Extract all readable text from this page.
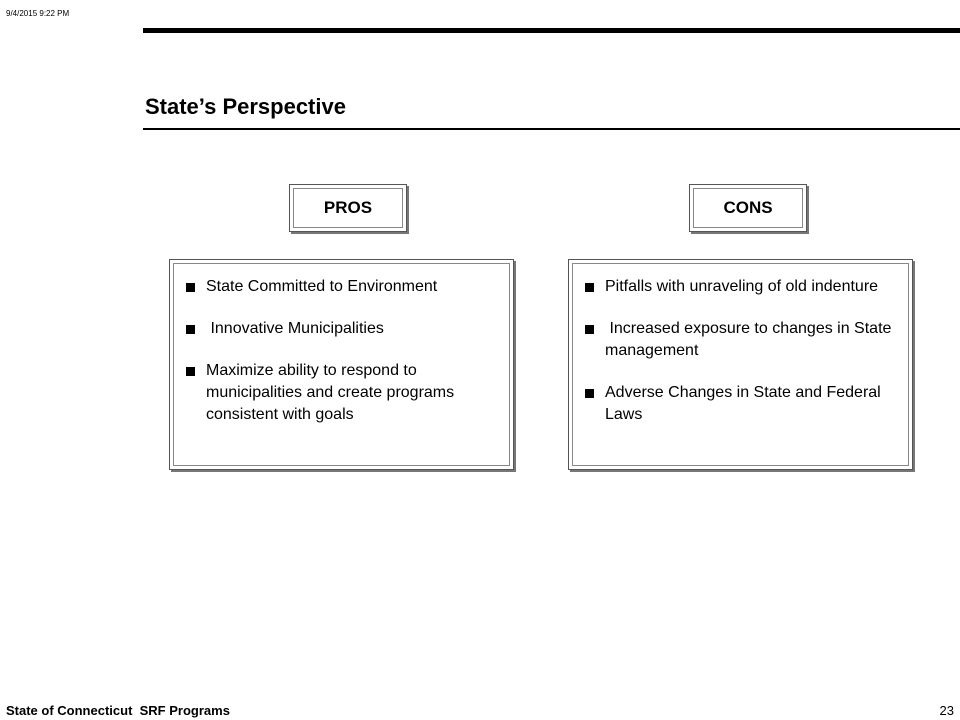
9/4/2015 9:22 PM
State’s Perspective
PROS	CONS
State Committed to Environment
Innovative Municipalities
Maximize ability to respond to municipalities and create programs consistent with goals
Pitfalls with unraveling of old indenture
Increased exposure to changes in State management
Adverse Changes in State and Federal Laws
State of Connecticut  SRF Programs	23
